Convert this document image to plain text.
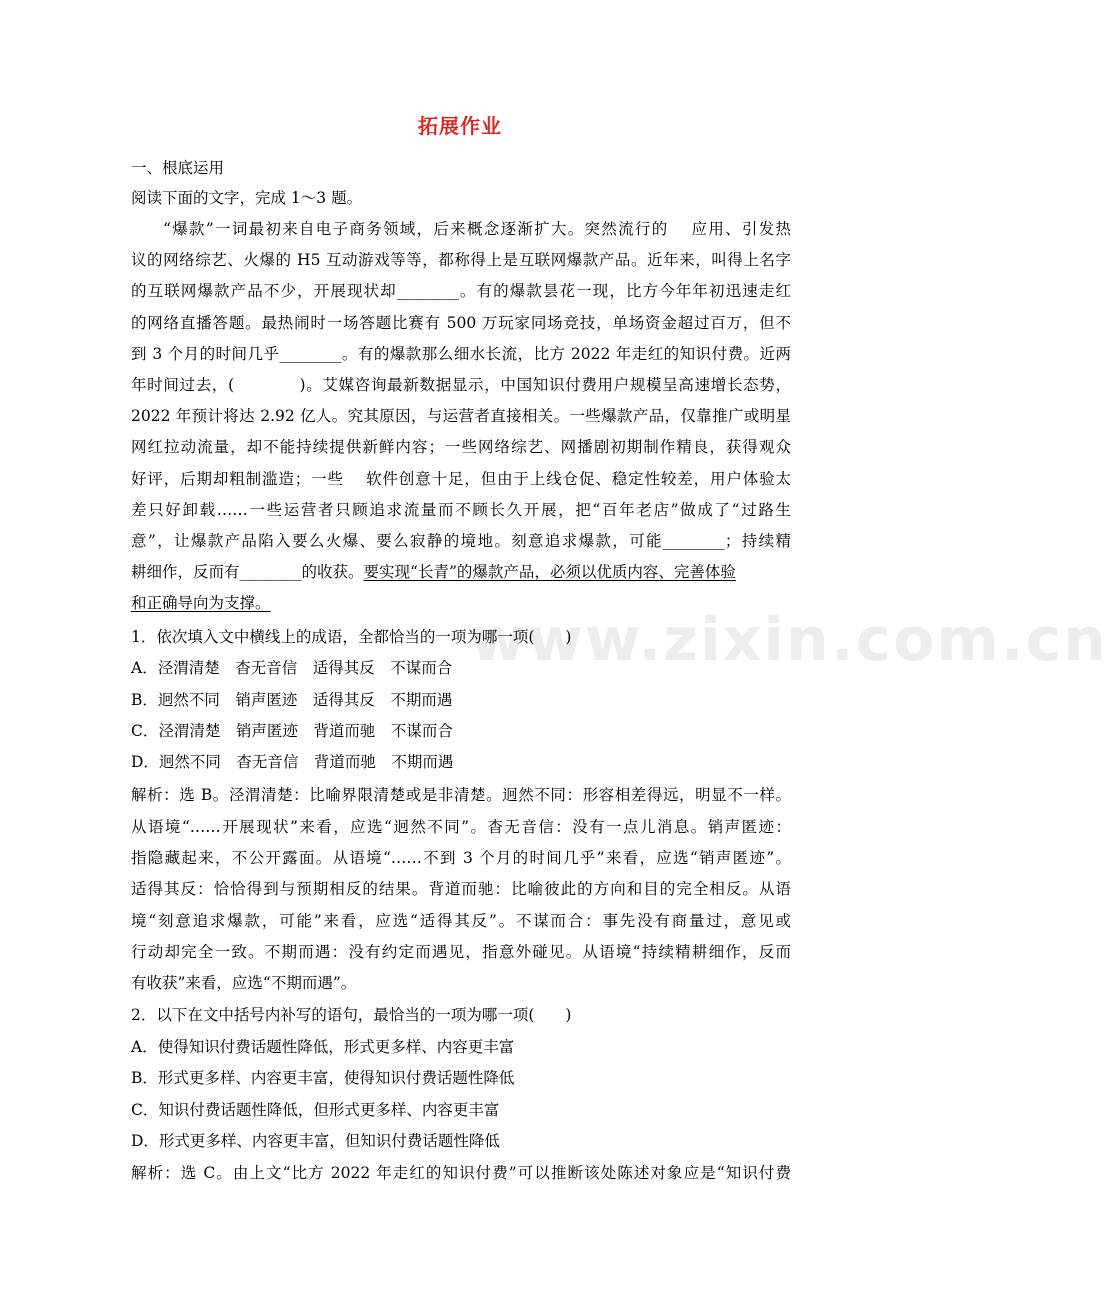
拓展作业
一、根底运用
阅读下面的文字，完成 1～3 题。
“爆款”一词最初来自电子商务领域，后来概念逐渐扩大。突然流行的　 应用、引发热
议的网络综艺、火爆的 H5 互动游戏等等，都称得上是互联网爆款产品。近年来，叫得上名字
的互联网爆款产品不少，开展现状却________。有的爆款昙花一现，比方今年年初迅速走红
的网络直播答题。最热闹时一场答题比赛有 500 万玩家同场竞技，单场资金超过百万，但不
到 3 个月的时间几乎________。有的爆款那么细水长流，比方 2022 年走红的知识付费。近两
年时间过去，(　　　　)。艾媒咨询最新数据显示，中国知识付费用户规模呈高速增长态势，
2022 年预计将达 2.92 亿人。究其原因，与运营者直接相关。一些爆款产品，仅靠推广或明星
网红拉动流量，却不能持续提供新鲜内容；一些网络综艺、网播剧初期制作精良，获得观众
好评，后期却粗制滥造；一些　 软件创意十足，但由于上线仓促、稳定性较差，用户体验太
差只好卸载……一些运营者只顾追求流量而不顾长久开展，把“百年老店”做成了“过路生
意”，让爆款产品陷入要么火爆、要么寂静的境地。刻意追求爆款，可能________；持续精
耕细作，反而有________的收获。要实现“长青”的爆款产品，必须以优质内容、完善体验
和正确导向为支撑。
www.zixin.com.cn
1．依次填入文中横线上的成语，全都恰当的一项为哪一项(　　)
A．泾渭清楚　杳无音信　适得其反　不谋而合
B．迥然不同　销声匿迹　适得其反　不期而遇
C．泾渭清楚　销声匿迹　背道而驰　不谋而合
D．迥然不同　杳无音信　背道而驰　不期而遇
解析：选 B。泾渭清楚：比喻界限清楚或是非清楚。迥然不同：形容相差得远，明显不一样。
从语境“……开展现状”来看，应选“迥然不同”。杳无音信：没有一点儿消息。销声匿迹：
指隐藏起来，不公开露面。从语境“……不到 3 个月的时间几乎”来看，应选“销声匿迹”。
适得其反：恰恰得到与预期相反的结果。背道而驰：比喻彼此的方向和目的完全相反。从语
境“刻意追求爆款，可能”来看，应选“适得其反”。不谋而合：事先没有商量过，意见或
行动却完全一致。不期而遇：没有约定而遇见，指意外碰见。从语境“持续精耕细作，反而
有收获”来看，应选“不期而遇”。
2．以下在文中括号内补写的语句，最恰当的一项为哪一项(　　)
A．使得知识付费话题性降低，形式更多样、内容更丰富
B．形式更多样、内容更丰富，使得知识付费话题性降低
C．知识付费话题性降低，但形式更多样、内容更丰富
D．形式更多样、内容更丰富，但知识付费话题性降低
解析：选 C。由上文“比方 2022 年走红的知识付费”可以推断该处陈述对象应是“知识付费
